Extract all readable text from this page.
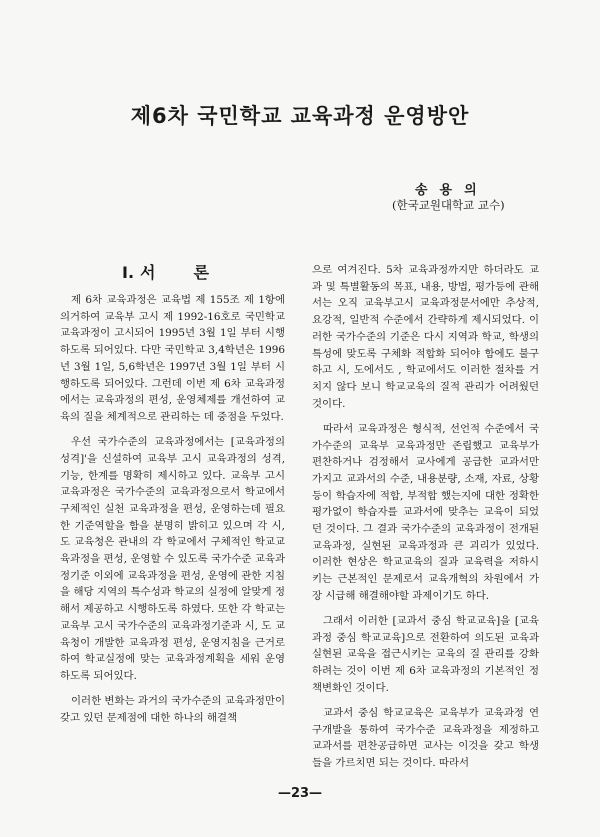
제6차 국민학교 교육과정 운영방안
송용의
(한국교원대학교 교수)
I. 서 론

제 6차 교육과정은 교육법 제 155조 제 1항에 의거하여 교육부 고시 제 1992-16호로 국민학교 교육과정이 고시되어 1995년 3월 1일 부터 시행하도록 되어있다. 다만 국민학교 3,4학년은 1996년 3월 1일, 5,6학년은 1997년 3월 1일 부터 시행하도록 되어있다. 그런데 이번 제 6차 교육과정에서는 교육과정의 편성, 운영체제를 개선하여 교육의 질을 체계적으로 관리하는 데 중점을 두었다.

우선 국가수준의 교육과정에서는 [교육과정의 성격]'을 신설하여 교육부 고시 교육과정의 성격, 기능, 한계를 명확히 제시하고 있다. 교육부 고시 교육과정은 국가수준의 교육과정으로서 학교에서 구체적인 실천 교육과정을 편성, 운영하는데 필요한 기준역할을 함을 분명히 밝히고 있으며 각 시, 도 교육청은 관내의 각 학교에서 구체적인 학교교육과정을 편성, 운영할 수 있도록 국가수준 교육과정기준 이외에 교육과정을 편성, 운영에 관한 지침을 해당 지역의 특수성과 학교의 실정에 알맞게 정해서 제공하고 시행하도록 하였다. 또한 각 학교는 교육부 고시 국가수준의 교육과정기준과 시, 도 교육청이 개발한 교육과정 편성, 운영지침을 근거로 하여 학교실정에 맞는 교육과정계획을 세워 운영하도록 되어있다.

이러한 변화는 과거의 국가수준의 교육과정만이 갖고 있던 문제점에 대한 하나의 해결책

으로 여겨진다. 5차 교육과정까지만 하더라도 교과 및 특별활동의 목표, 내용, 방법, 평가등에 관해서는 오직 교육부고시 교육과정문서에만 추상적, 요강적, 일반적 수준에서 간략하게 제시되었다. 이러한 국가수준의 기준은 다시 지역과 학교, 학생의 특성에 맞도록 구체화 적합화 되어야 함에도 불구하고 시, 도에서도 , 학교에서도 이러한 절차를 거치지 않다 보니 학교교육의 질적 관리가 어려웠던 것이다.

따라서 교육과정은 형식적, 선언적 수준에서 국가수준의 교육부 교육과정만 존립했고 교육부가 편찬하거나 검정해서 교사에게 공급한 교과서만 가지고 교과서의 수준, 내용분량, 소재, 자료, 상황등이 학습자에 적합, 부적합 했는지에 대한 정확한 평가없이 학습자를 교과서에 맞추는 교육이 되었던 것이다. 그 결과 국가수준의 교육과정이 전개된 교육과정, 실현된 교육과정과 큰 괴리가 있었다. 이러한 현상은 학교교육의 질과 교육력을 저하시키는 근본적인 문제로서 교육개혁의 차원에서 가장 시급해 해결해야할 과제이기도 하다.

그래서 이러한 [교과서 중심 학교교육]을 [교육과정 중심 학교교육]으로 전환하여 의도된 교육과 실현된 교육을 접근시키는 교육의 질 관리를 강화하려는 것이 이번 제 6차 교육과정의 기본적인 정책변화인 것이다.

교과서 중심 학교교육은 교육부가 교육과정 연구개발을 통하여 국가수준 교육과정을 제정하고 교과서를 편찬공급하면 교사는 이것을 갖고 학생들을 가르치면 되는 것이다. 따라서

—23—
